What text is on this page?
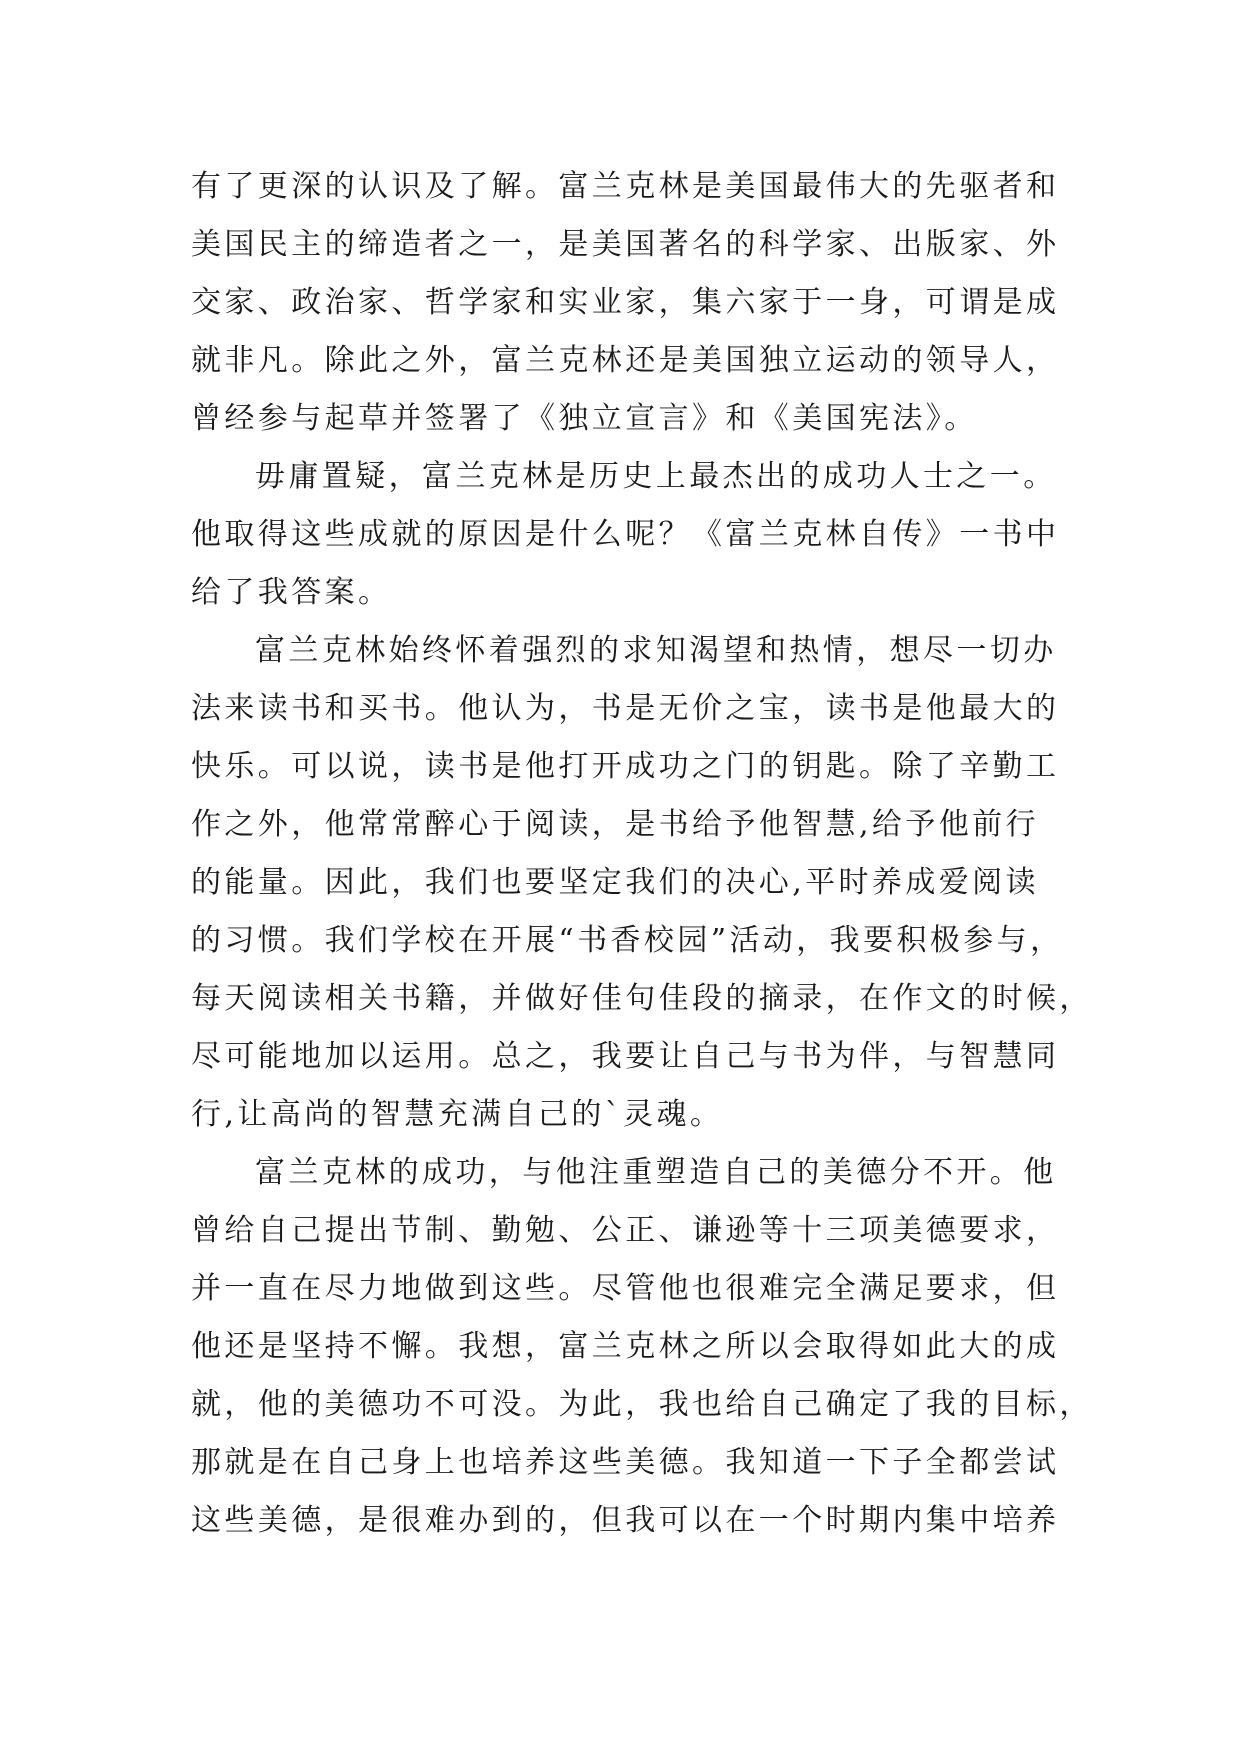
有了更深的认识及了解。富兰克林是美国最伟大的先驱者和
美国民主的缔造者之一，是美国著名的科学家、出版家、外
交家、政治家、哲学家和实业家，集六家于一身，可谓是成
就非凡。除此之外，富兰克林还是美国独立运动的领导人，
曾经参与起草并签署了《独立宣言》和《美国宪法》。
毋庸置疑，富兰克林是历史上最杰出的成功人士之一。
他取得这些成就的原因是什么呢？《富兰克林自传》一书中
给了我答案。
富兰克林始终怀着强烈的求知渴望和热情，想尽一切办
法来读书和买书。他认为，书是无价之宝，读书是他最大的
快乐。可以说，读书是他打开成功之门的钥匙。除了辛勤工
作之外，他常常醉心于阅读，是书给予他智慧,给予他前行
的能量。因此，我们也要坚定我们的决心,平时养成爱阅读
的习惯。我们学校在开展“书香校园”活动，我要积极参与，
每天阅读相关书籍，并做好佳句佳段的摘录，在作文的时候，
尽可能地加以运用。总之，我要让自己与书为伴，与智慧同
行,让高尚的智慧充满自己的`灵魂。
富兰克林的成功，与他注重塑造自己的美德分不开。他
曾给自己提出节制、勤勉、公正、谦逊等十三项美德要求，
并一直在尽力地做到这些。尽管他也很难完全满足要求，但
他还是坚持不懈。我想，富兰克林之所以会取得如此大的成
就，他的美德功不可没。为此，我也给自己确定了我的目标，
那就是在自己身上也培养这些美德。我知道一下子全都尝试
这些美德，是很难办到的，但我可以在一个时期内集中培养
